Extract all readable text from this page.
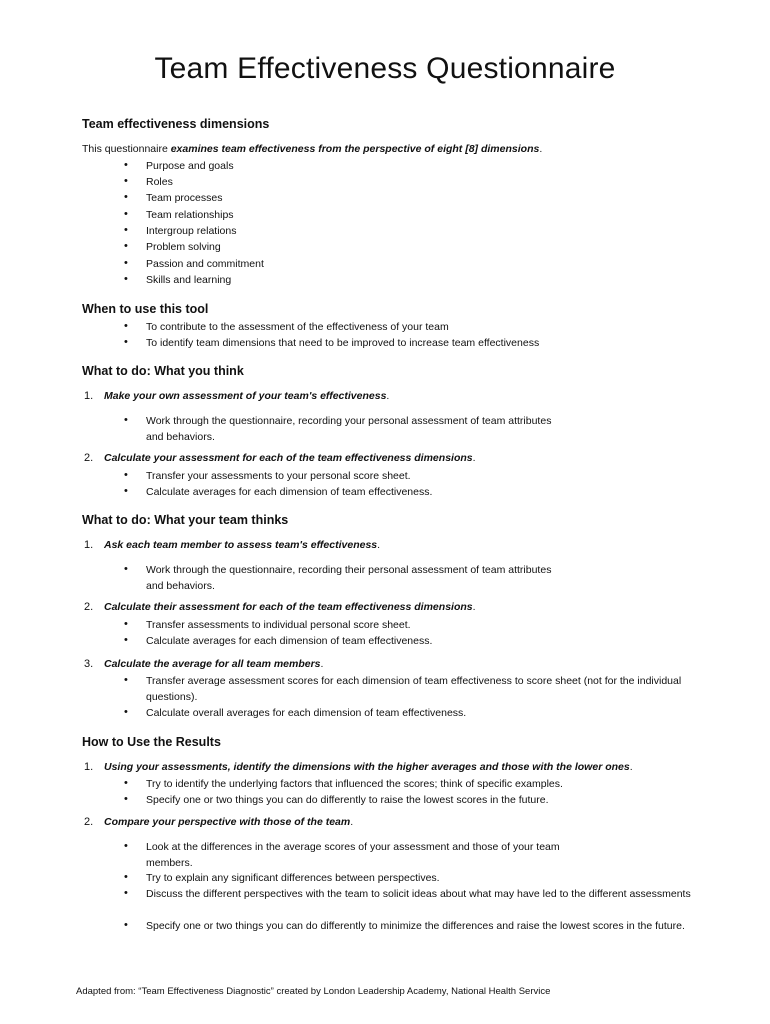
Team Effectiveness Questionnaire
Team effectiveness dimensions

This questionnaire examines team effectiveness from the perspective of eight [8] dimensions.

• Purpose and goals
• Roles
• Team processes
• Team relationships
• Intergroup relations
• Problem solving
• Passion and commitment
• Skills and learning
When to use this tool
• To contribute to the assessment of the effectiveness of your team
• To identify team dimensions that need to be improved to increase team effectiveness
What to do: What you think
1. Make your own assessment of your team's effectiveness.
• Work through the questionnaire, recording your personal assessment of team attributes and behaviors.
2. Calculate your assessment for each of the team effectiveness dimensions.
• Transfer your assessments to your personal score sheet.
• Calculate averages for each dimension of team effectiveness.
What to do: What your team thinks
1. Ask each team member to assess team's effectiveness.
• Work through the questionnaire, recording their personal assessment of team attributes and behaviors.
2. Calculate their assessment for each of the team effectiveness dimensions.
• Transfer assessments to individual personal score sheet.
• Calculate averages for each dimension of team effectiveness.
3. Calculate the average for all team members.
• Transfer average assessment scores for each dimension of team effectiveness to score sheet (not for the individual questions).
• Calculate overall averages for each dimension of team effectiveness.
How to Use the Results
1. Using your assessments, identify the dimensions with the higher averages and those with the lower ones.
• Try to identify the underlying factors that influenced the scores; think of specific examples.
• Specify one or two things you can do differently to raise the lowest scores in the future.
2. Compare your perspective with those of the team.
• Look at the differences in the average scores of your assessment and those of your team members.
• Try to explain any significant differences between perspectives.
• Discuss the different perspectives with the team to solicit ideas about what may have led to the different assessments
• Specify one or two things you can do differently to minimize the differences and raise the lowest scores in the future.

Adapted from: “Team Effectiveness Diagnostic” created by London Leadership Academy, National Health Service
